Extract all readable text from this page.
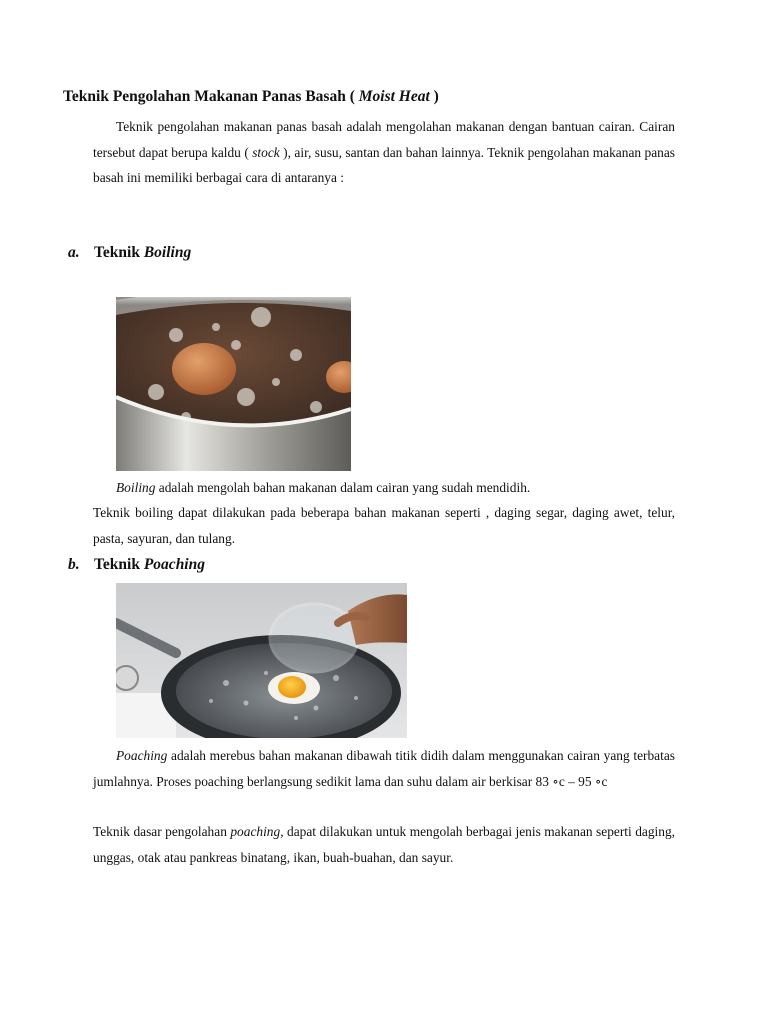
Teknik Pengolahan Makanan Panas Basah ( Moist Heat )
Teknik pengolahan makanan panas basah adalah mengolahan makanan dengan bantuan cairan. Cairan tersebut dapat berupa kaldu ( stock ), air, susu, santan dan bahan lainnya. Teknik pengolahan makanan panas basah ini memiliki berbagai cara di antaranya :
a. Teknik Boiling
Boiling adalah mengolah bahan makanan dalam cairan yang sudah mendidih.
Teknik boiling dapat dilakukan pada beberapa bahan makanan seperti , daging segar, daging awet, telur, pasta, sayuran, dan tulang.
b. Teknik Poaching
Poaching adalah merebus bahan makanan dibawah titik didih dalam menggunakan cairan yang terbatas jumlahnya. Proses poaching berlangsung sedikit lama dan suhu dalam air berkisar 83 ∘c – 95 ∘c
Teknik dasar pengolahan poaching, dapat dilakukan untuk mengolah berbagai jenis makanan seperti daging, unggas, otak atau pankreas binatang, ikan, buah-buahan, dan sayur.
